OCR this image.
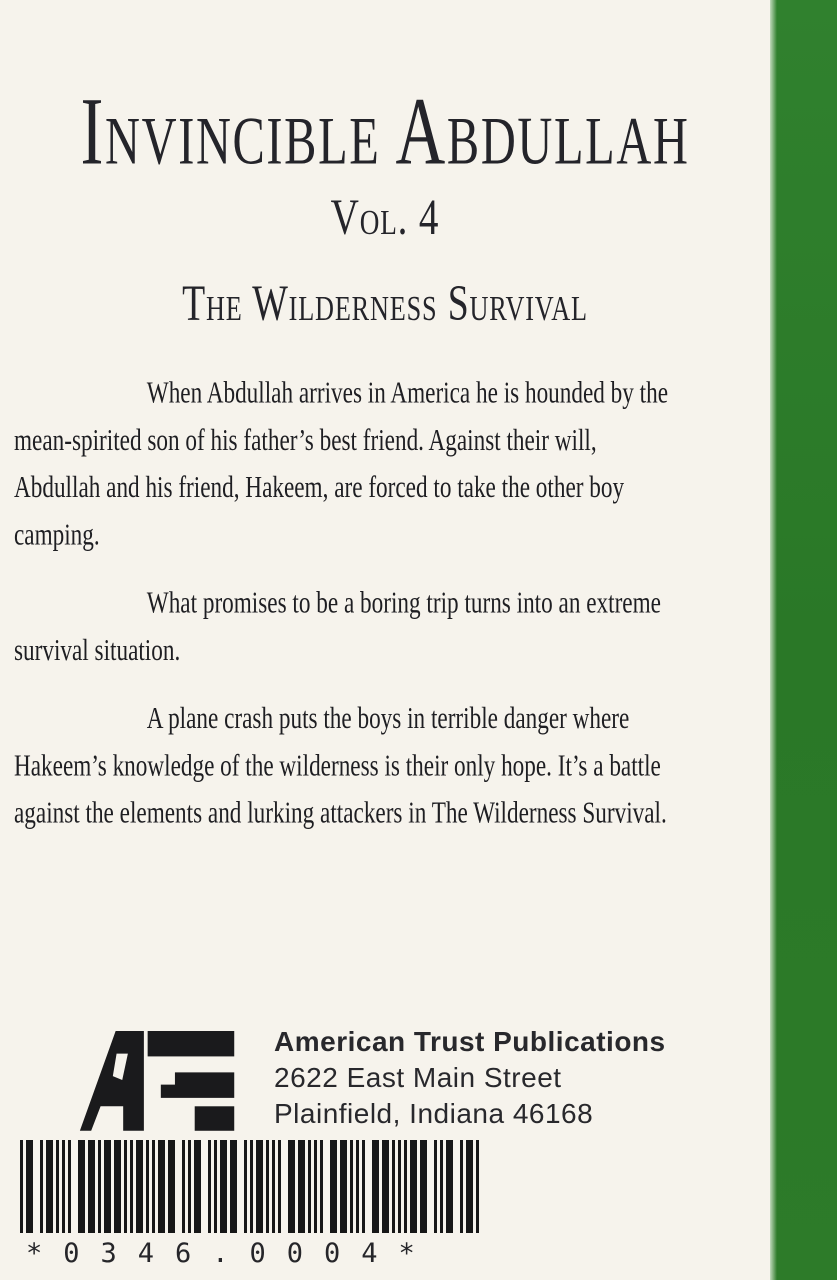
Invincible Abdullah
Vol. 4
The Wilderness Survival
When Abdullah arrives in America he is hounded by the
mean-spirited son of his father’s best friend. Against their will,
Abdullah and his friend, Hakeem, are forced to take the other boy
camping.
What promises to be a boring trip turns into an extreme
survival situation.
A plane crash puts the boys in terrible danger where
Hakeem’s knowledge of the wilderness is their only hope. It’s a battle
against the elements and lurking attackers in The Wilderness Survival.
American Trust Publications
2622 East Main Street
Plainfield, Indiana 46168
*0346.0004*
